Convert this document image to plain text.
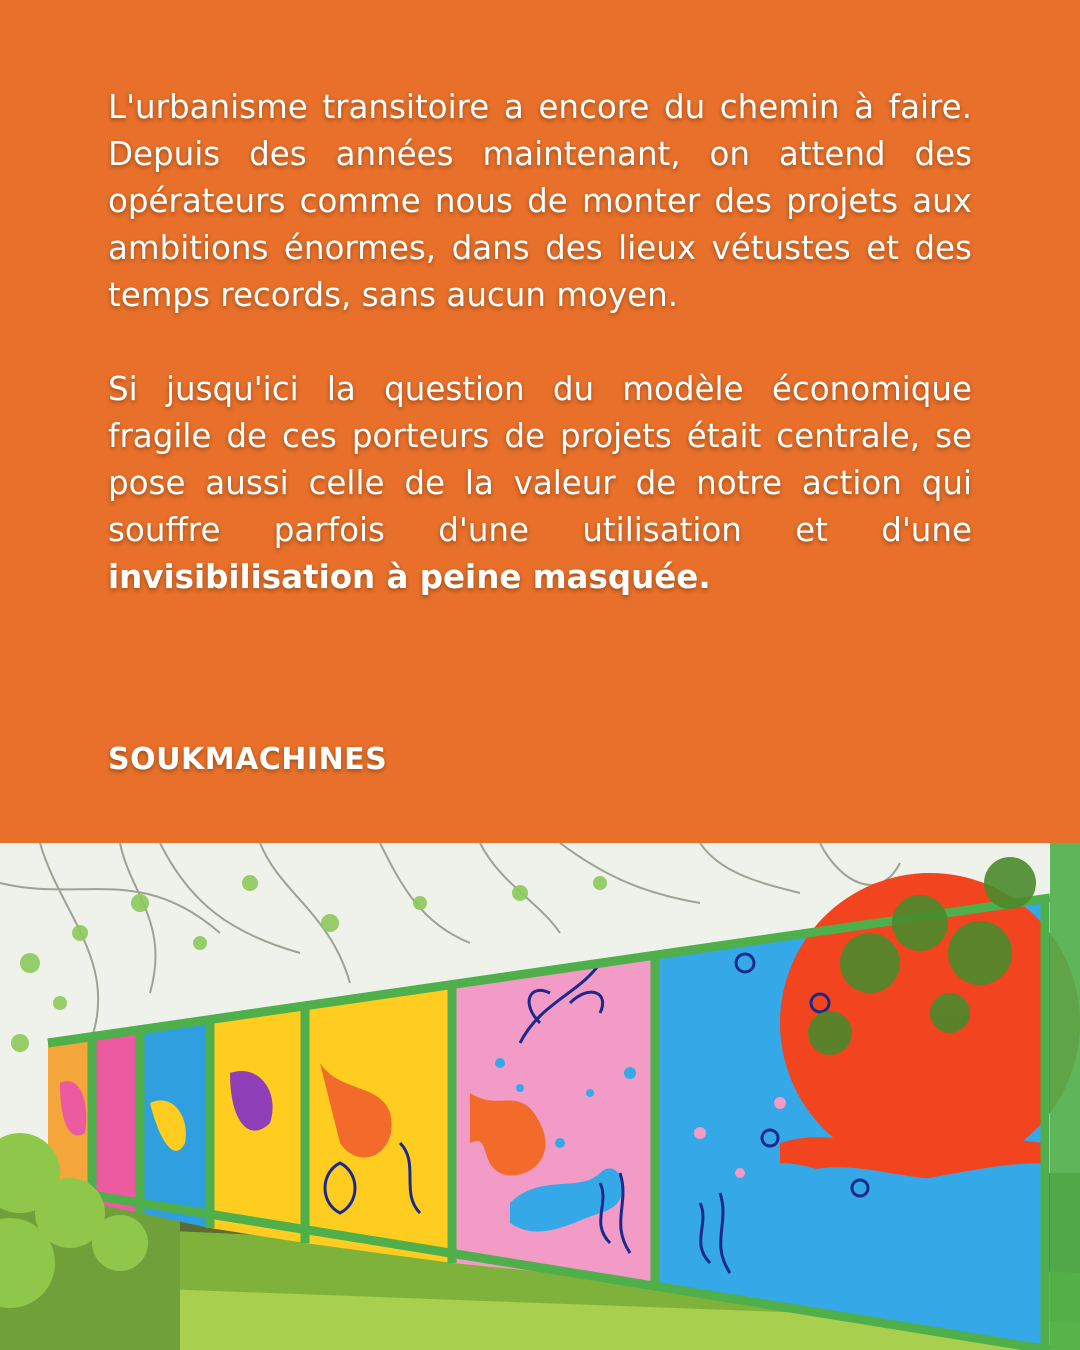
L'urbanisme transitoire a encore du chemin à faire. Depuis des années maintenant, on attend des opérateurs comme nous de monter des projets aux ambitions énormes, dans des lieux vétustes et des temps records, sans aucun moyen.

Si jusqu'ici la question du modèle économique fragile de ces porteurs de projets était centrale, se pose aussi celle de la valeur de notre action qui souffre parfois d'une utilisation et d'une invisibilisation à peine masquée.

SOUKMACHINES
